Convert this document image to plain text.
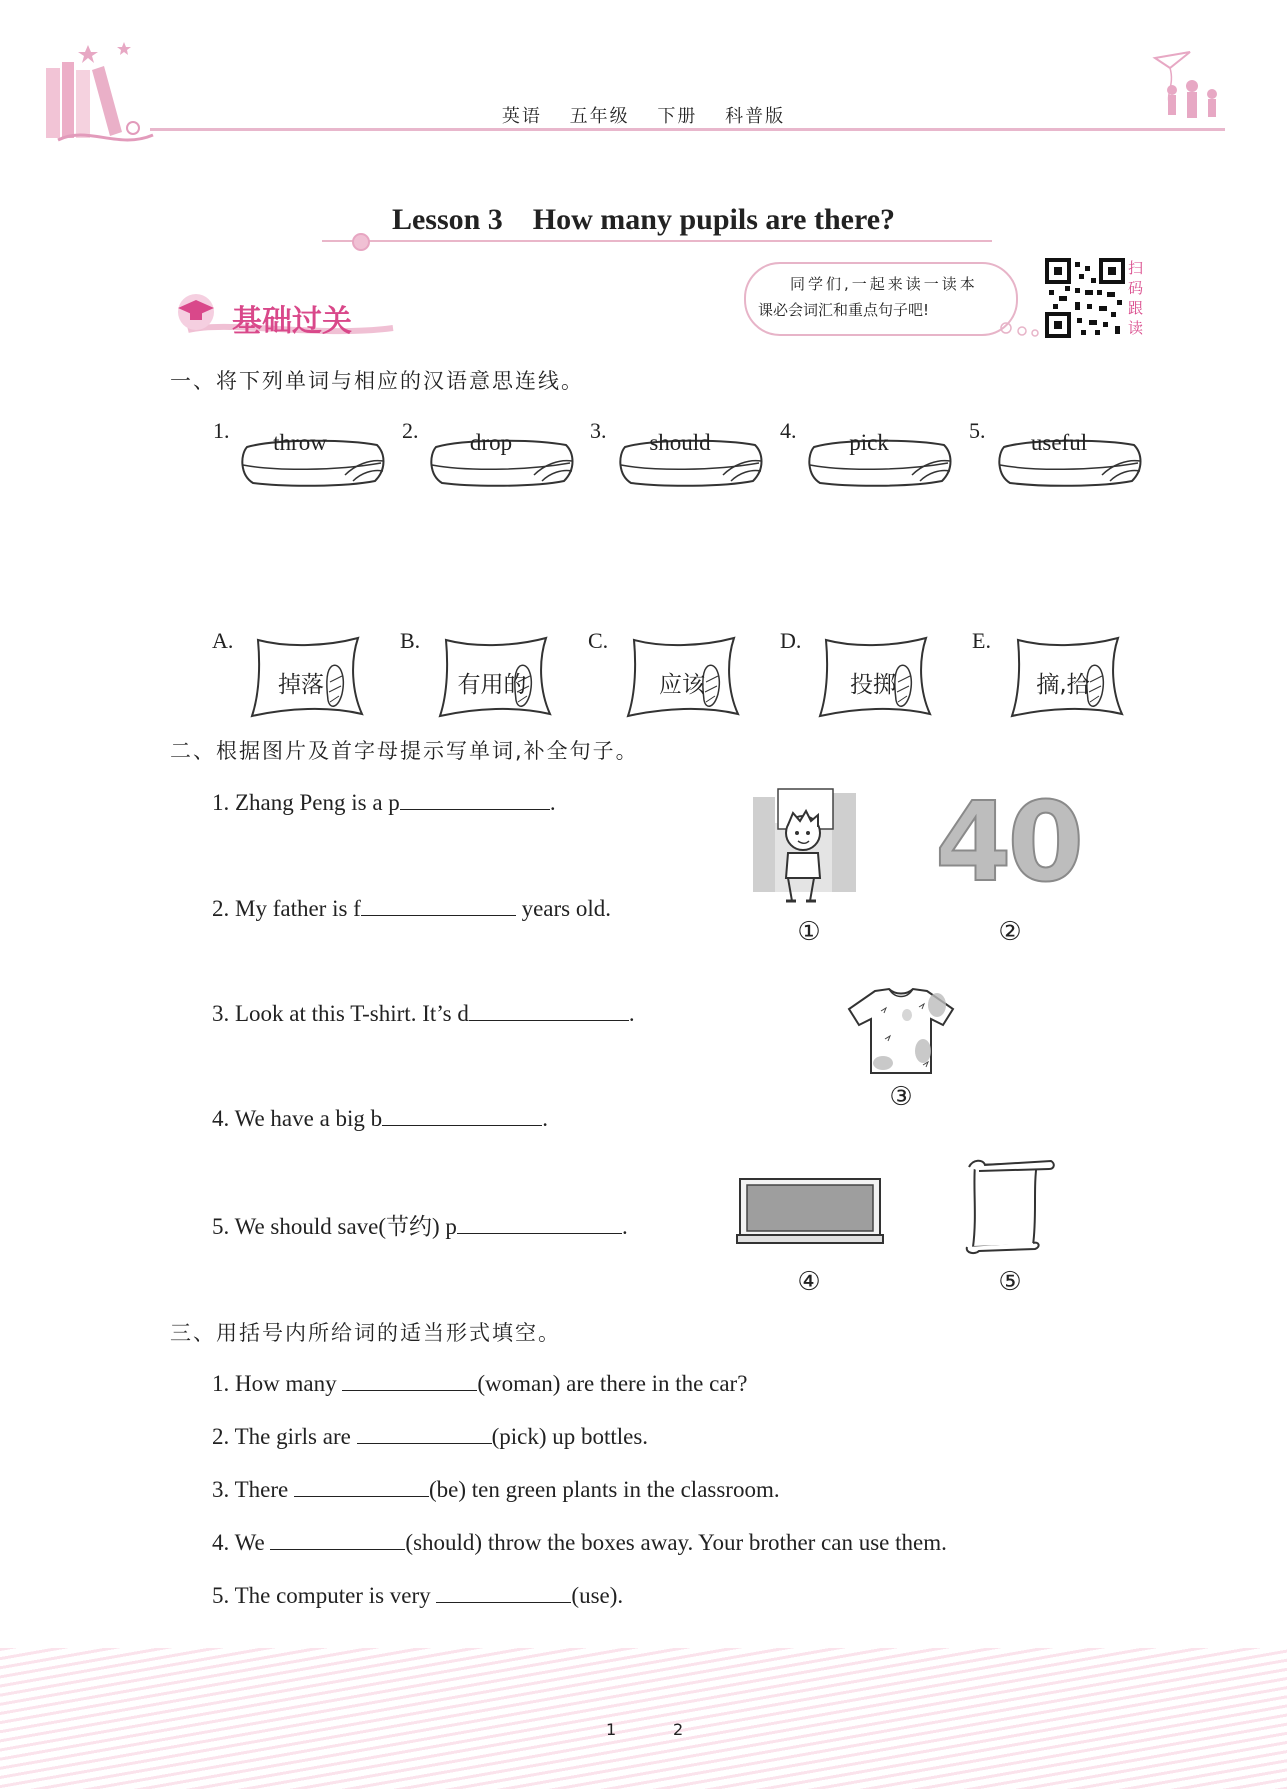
英语 五年级 下册 科普版
Lesson 3    How many pupils are there?
基础过关
同学们,一起来读一读本
课必会词汇和重点句子吧!
扫码跟读
一、将下列单词与相应的汉语意思连线。
1.	throw	2.	drop	3.	should	4.	pick	5.	useful
A.
掉落
B.
有用的
C.
应该
D.
投掷
E.
摘,拾
二、根据图片及首字母提示写单词,补全句子。
1. Zhang Peng is a p	.
2. My father is f	years old.
3. Look at this T-shirt. It’s d	.
4. We have a big b	.
5. We should save(节约) p	.
①
40
②
③
④	⑤
三、用括号内所给词的适当形式填空。
1. How many	(woman) are there in the car?
2. The girls are	(pick) up bottles.
3. There	(be) ten green plants in the classroom.
4. We	(should) throw the boxes away. Your brother can use them.
5. The computer is very	(use).
1	2
